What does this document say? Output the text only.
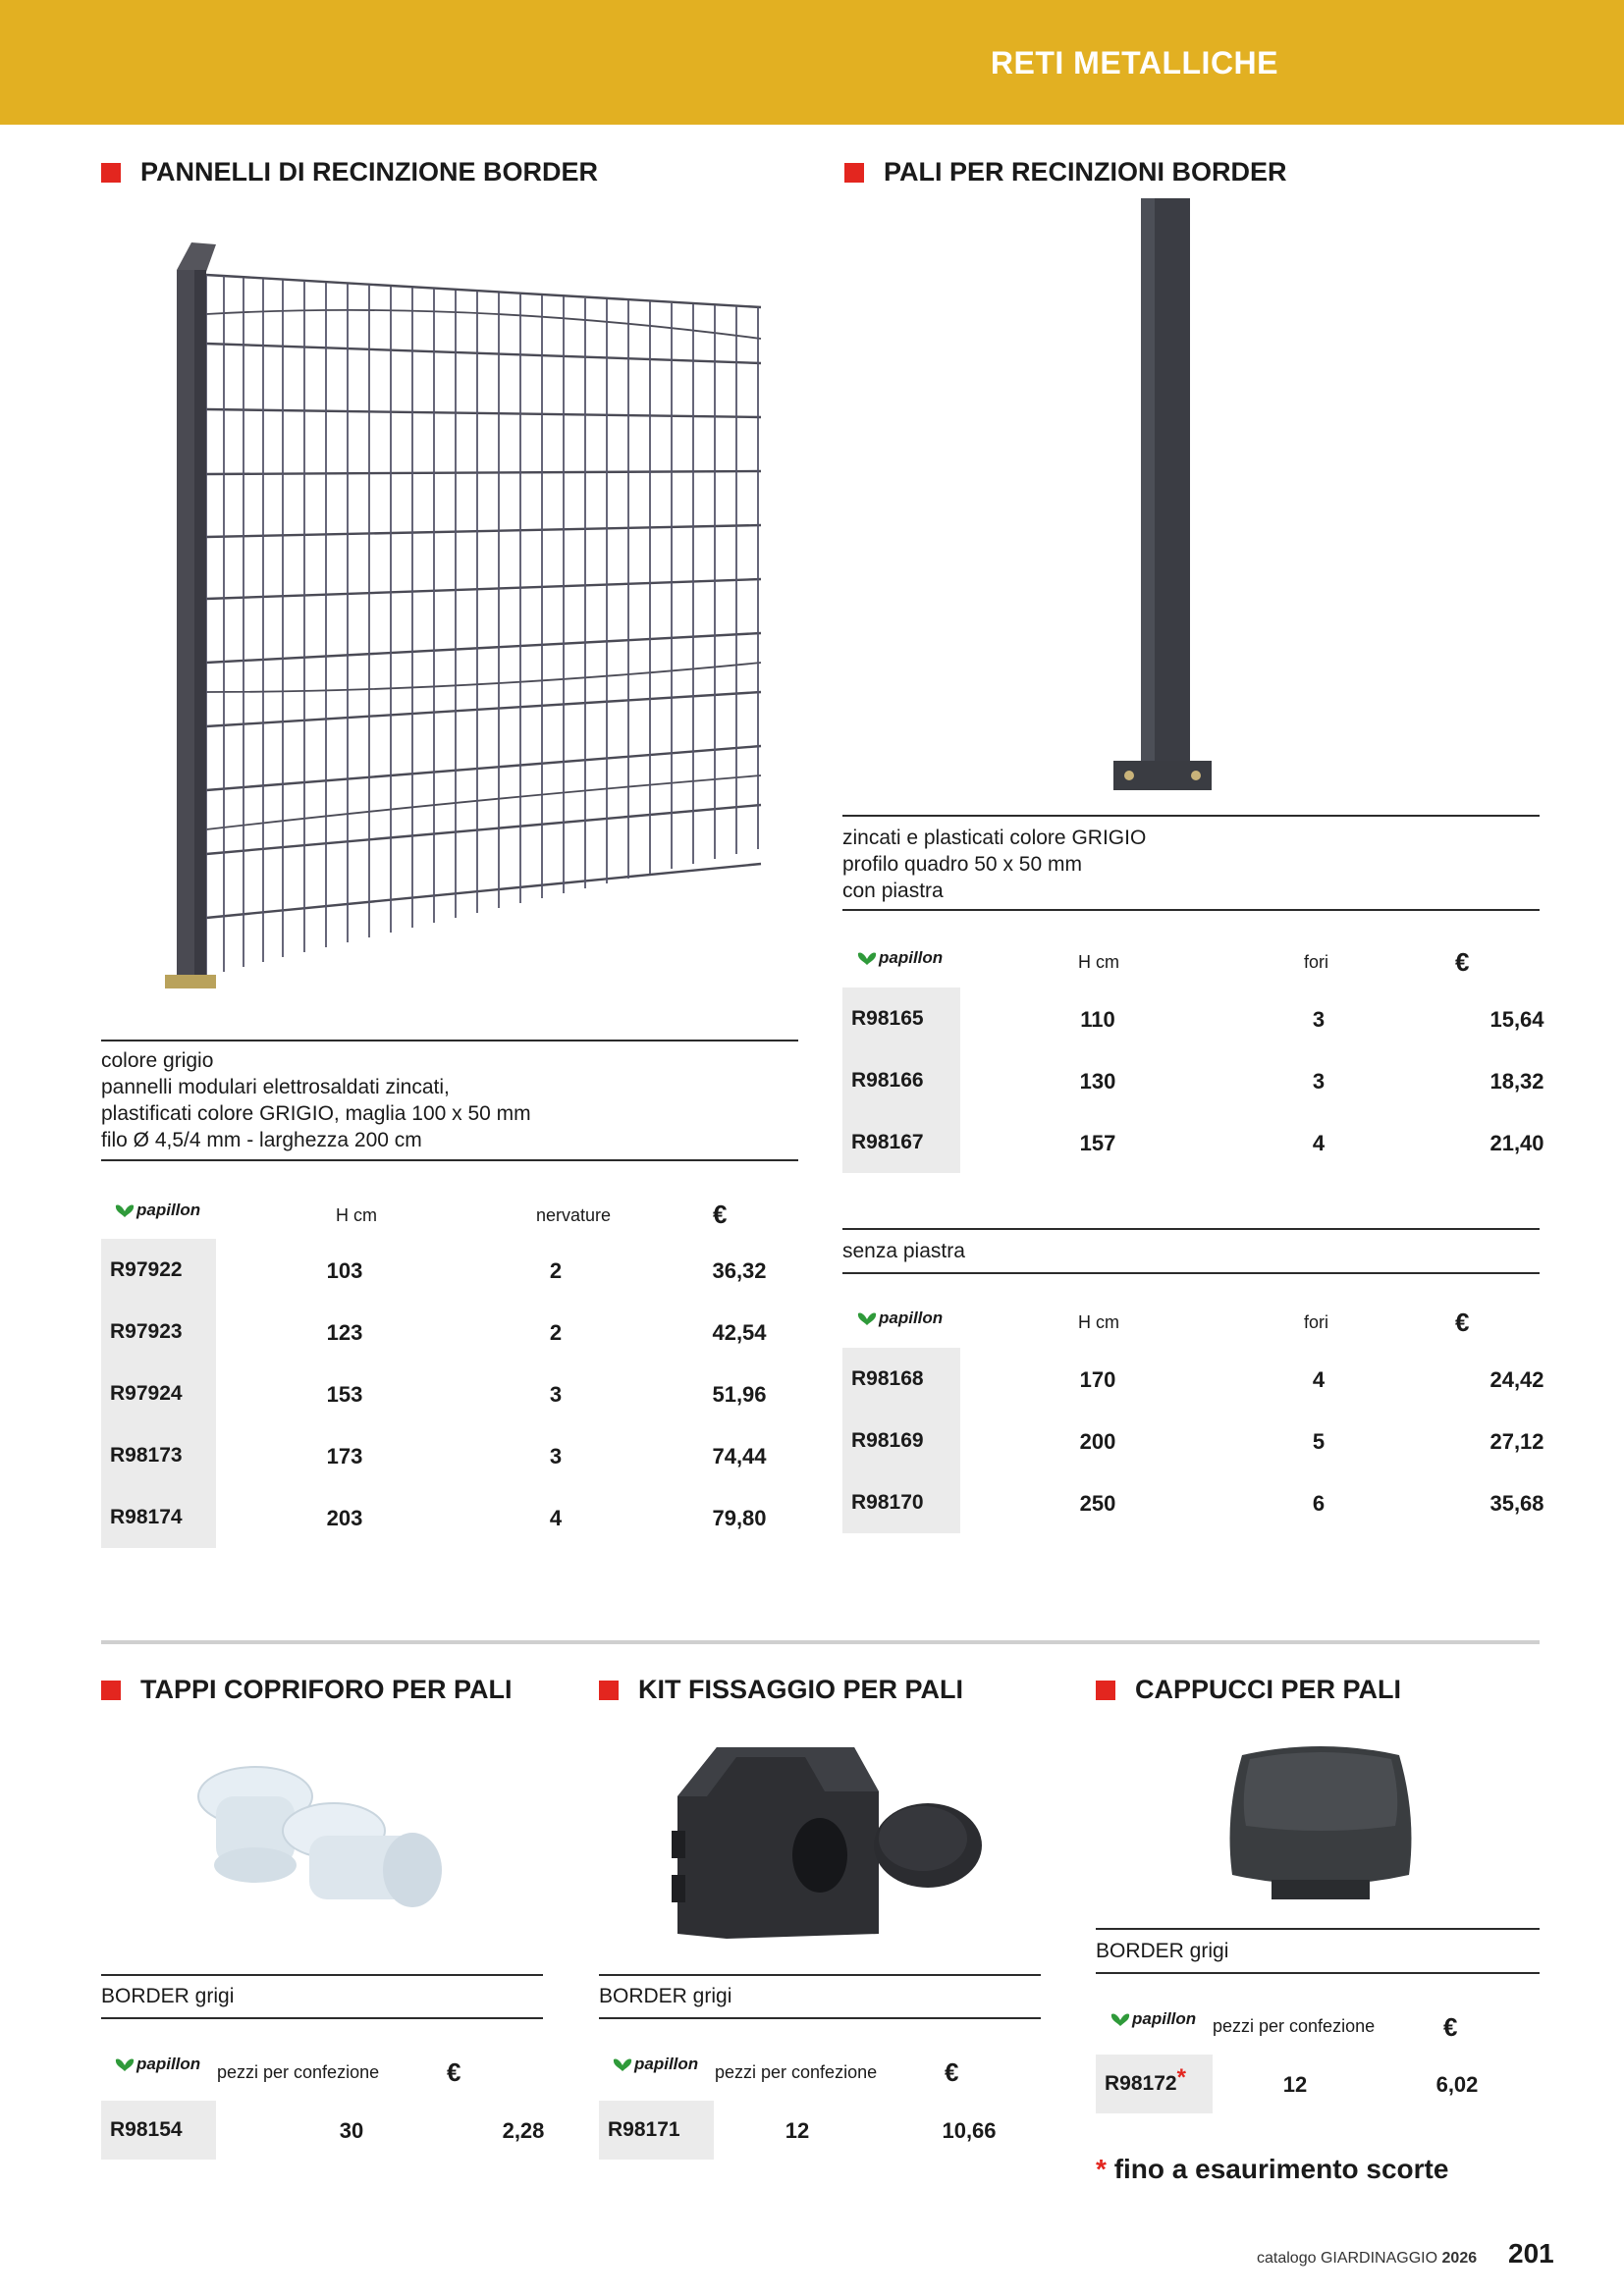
RETI METALLICHE
PANNELLI DI RECINZIONE BORDER
colore grigio
pannelli modulari elettrosaldati zincati,
plastificati colore GRIGIO, maglia 100 x 50 mm
filo Ø 4,5/4 mm - larghezza 200 cm
papillon	H cm	nervature	€
R97922	103	2	36,32
R97923	123	2	42,54
R97924	153	3	51,96
R98173	173	3	74,44
R98174	203	4	79,80
PALI PER RECINZIONI BORDER
zincati e plasticati colore GRIGIO
profilo quadro 50 x 50 mm
con piastra
papillon	H cm	fori	€
R98165	110	3	15,64
R98166	130	3	18,32
R98167	157	4	21,40
senza piastra
papillon	H cm	fori	€
R98168	170	4	24,42
R98169	200	5	27,12
R98170	250	6	35,68
TAPPI COPRIFORO PER PALI
BORDER grigi
papillon pezzi per confezione	€
R98154	30	2,28
KIT FISSAGGIO PER PALI
BORDER grigi
papillon pezzi per confezione	€
R98171	12	10,66
CAPPUCCI PER PALI
BORDER grigi
papillon pezzi per confezione	€
R98172 *	12	6,02
* fino a esaurimento scorte
catalogo GIARDINAGGIO 2026 201
